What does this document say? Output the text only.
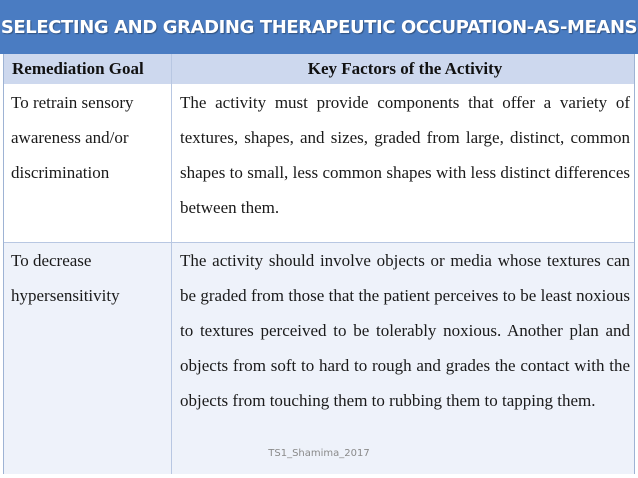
SELECTING AND GRADING THERAPEUTIC OCCUPATION-AS-MEANS
Remediation Goal	Key Factors of the Activity
To retrain sensory awareness and/or discrimination
The activity must provide components that offer a variety of textures, shapes, and sizes, graded from large, distinct, common shapes to small, less common shapes with less distinct differences between them.
To decrease hypersensitivity
The activity should involve objects or media whose textures can be graded from those that the patient perceives to be least noxious to textures perceived to be tolerably noxious. Another plan and objects from soft to hard to rough and grades the contact with the objects from touching them to rubbing them to tapping them.
TS1_Shamima_2017
